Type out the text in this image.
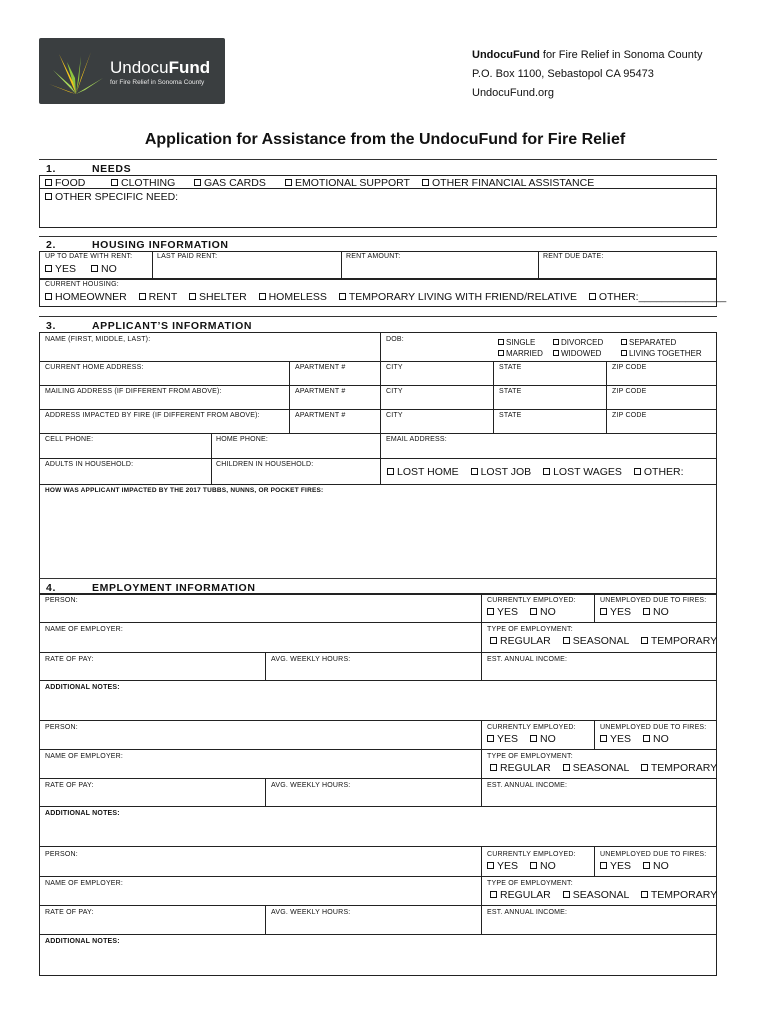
UndocuFund
for Fire Relief in Sonoma County
UndocuFund for Fire Relief in Sonoma County
P.O. Box 1100, Sebastopol CA 95473
UndocuFund.org
Application for Assistance from the UndocuFund for Fire Relief
1.	NEEDS
FOOD	CLOTHING	GAS CARDS	EMOTIONAL SUPPORT	OTHER FINANCIAL ASSISTANCE
OTHER SPECIFIC NEED:
2.	HOUSING INFORMATION
UP TO DATE WITH RENT:	LAST PAID RENT:	RENT AMOUNT:	RENT DUE DATE:
YES	NO
CURRENT HOUSING:
HOMEOWNER RENT SHELTER HOMELESS TEMPORARY LIVING WITH FRIEND/RELATIVE OTHER:_______________
3.	APPLICANT’S INFORMATION
NAME (FIRST, MIDDLE, LAST):	DOB:	SINGLE	DIVORCED	SEPARATED
MARRIED	WIDOWED	LIVING TOGETHER
CURRENT HOME ADDRESS:	APARTMENT #	CITY	STATE	ZIP CODE
MAILING ADDRESS (IF DIFFERENT FROM ABOVE):	APARTMENT #	CITY	STATE	ZIP CODE
ADDRESS IMPACTED BY FIRE (IF DIFFERENT FROM ABOVE):	APARTMENT #	CITY	STATE	ZIP CODE
CELL PHONE:	HOME PHONE:	EMAIL ADDRESS:
ADULTS IN HOUSEHOLD:	CHILDREN IN HOUSEHOLD:
LOST HOME LOST JOB LOST WAGES OTHER:
HOW WAS APPLICANT IMPACTED BY THE 2017 TUBBS, NUNNS, OR POCKET FIRES:
4.	EMPLOYMENT INFORMATION
PERSON:	CURRENTLY EMPLOYED:	UNEMPLOYED DUE TO FIRES:
YES	NO	YES	NO
NAME OF EMPLOYER:	TYPE OF EMPLOYMENT:
REGULAR SEASONAL TEMPORARY
RATE OF PAY:	AVG. WEEKLY HOURS:	EST. ANNUAL INCOME:
ADDITIONAL NOTES:
PERSON:	CURRENTLY EMPLOYED:	UNEMPLOYED DUE TO FIRES:
YES	NO	YES	NO
NAME OF EMPLOYER:	TYPE OF EMPLOYMENT:
REGULAR SEASONAL TEMPORARY
RATE OF PAY:	AVG. WEEKLY HOURS:	EST. ANNUAL INCOME:
ADDITIONAL NOTES:
PERSON:	CURRENTLY EMPLOYED:	UNEMPLOYED DUE TO FIRES:
YES	NO	YES	NO
NAME OF EMPLOYER:	TYPE OF EMPLOYMENT:
REGULAR SEASONAL TEMPORARY
RATE OF PAY:	AVG. WEEKLY HOURS:	EST. ANNUAL INCOME:
ADDITIONAL NOTES:
